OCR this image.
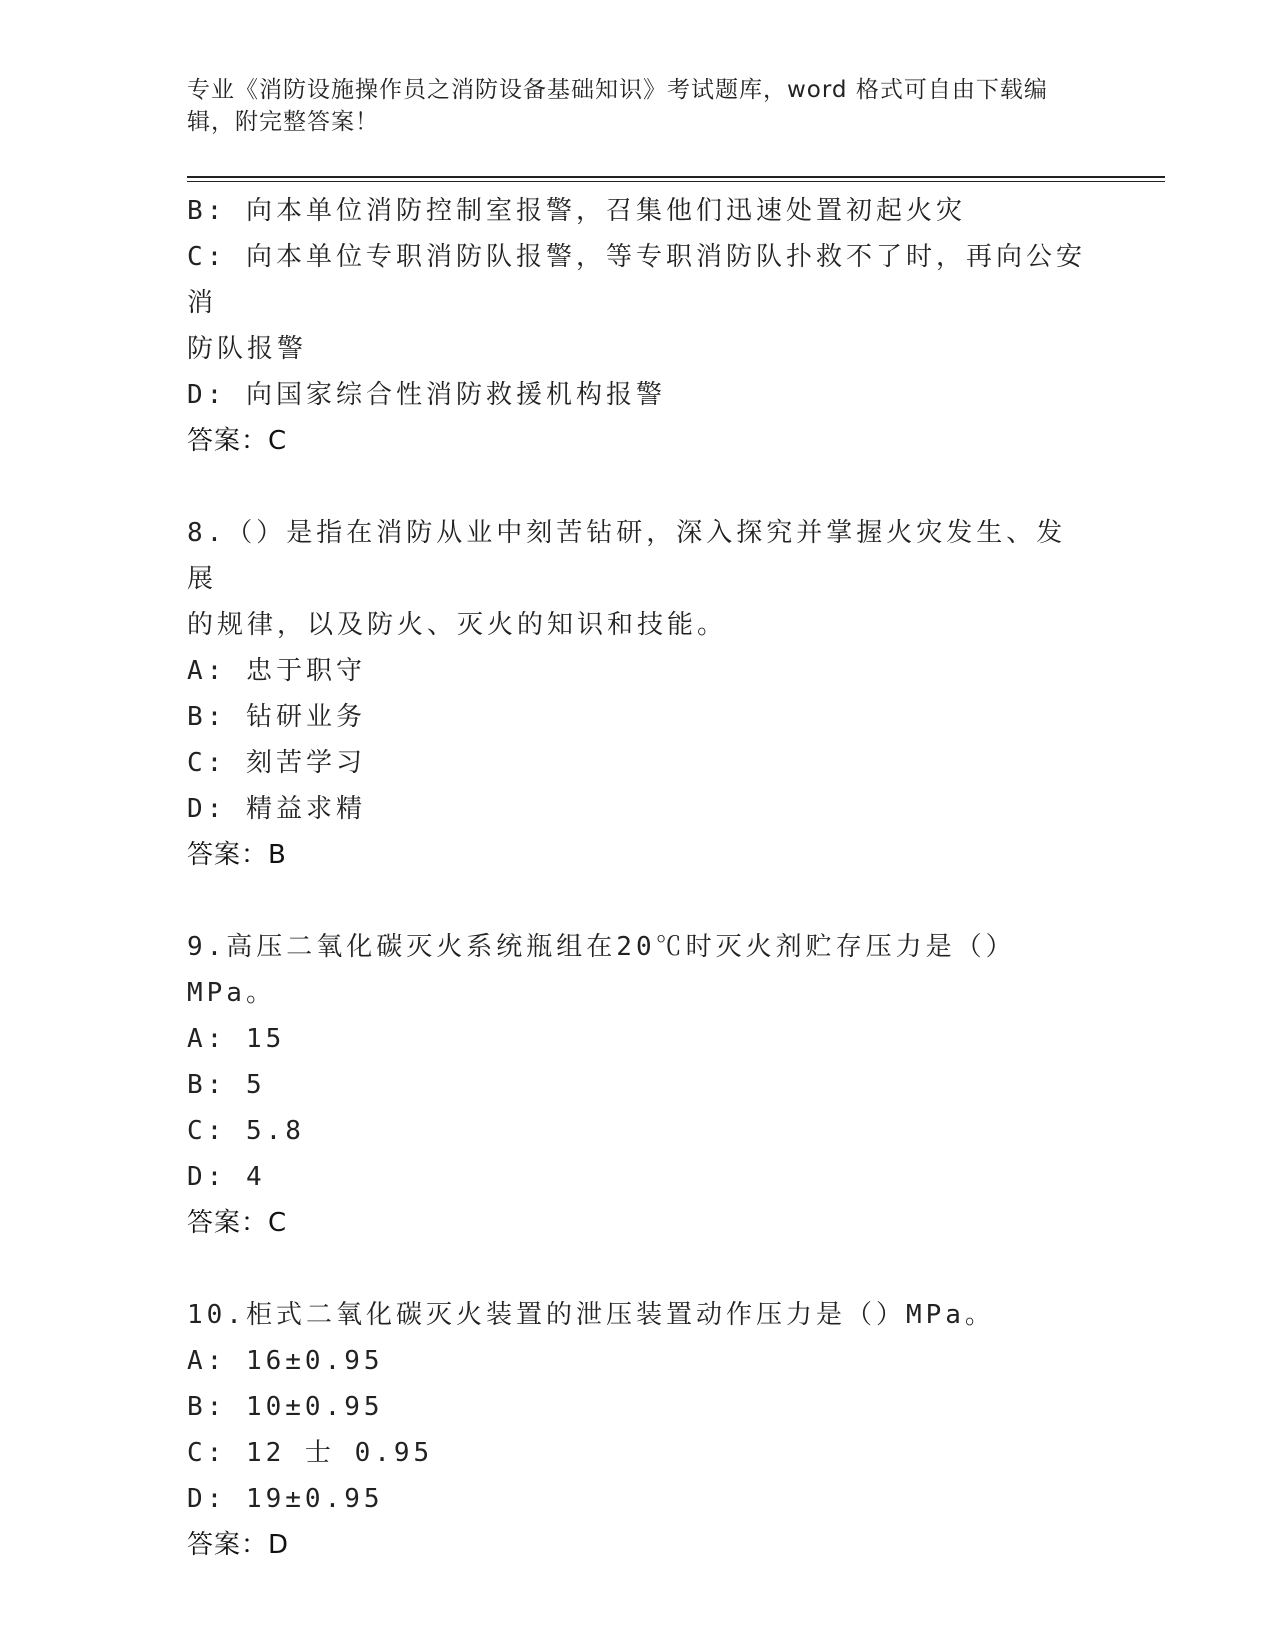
专业《消防设施操作员之消防设备基础知识》考试题库，word 格式可自由下载编
辑，附完整答案！
B: 向本单位消防控制室报警，召集他们迅速处置初起火灾
C: 向本单位专职消防队报警，等专职消防队扑救不了时，再向公安消
防队报警
D: 向国家综合性消防救援机构报警
答案：C
8.（）是指在消防从业中刻苦钻研，深入探究并掌握火灾发生、发展
的规律，以及防火、灭火的知识和技能。
A: 忠于职守
B: 钻研业务
C: 刻苦学习
D: 精益求精
答案：B
9.高压二氧化碳灭火系统瓶组在20℃时灭火剂贮存压力是（）MPa。
A: 15
B: 5
C: 5.8
D: 4
答案：C
10.柜式二氧化碳灭火装置的泄压装置动作压力是（）MPa。
A: 16±0.95
B: 10±0.95
C: 12 士 0.95
D: 19±0.95
答案：D
